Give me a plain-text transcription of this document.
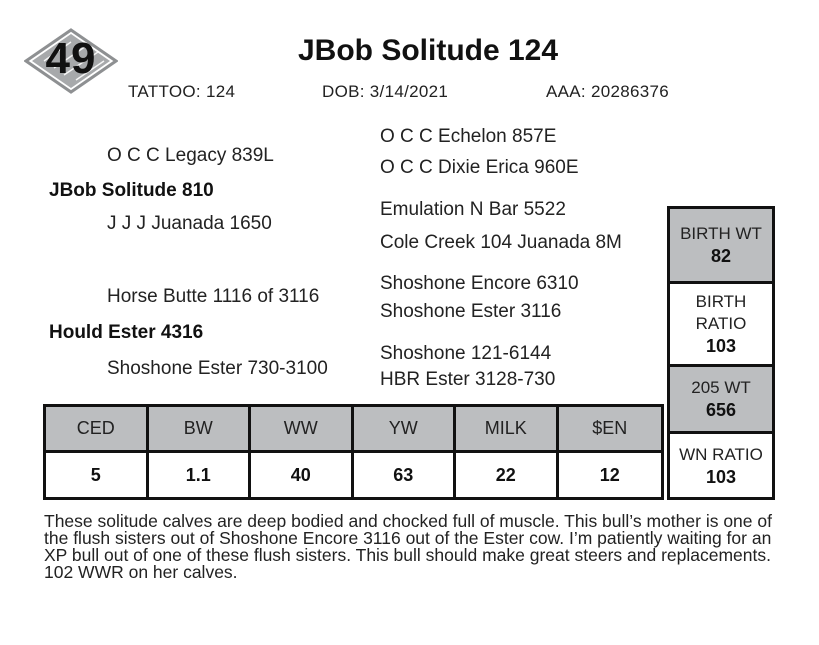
49	JBob Solitude 124
TATTOO: 124	DOB: 3/14/2021	AAA: 20286376
O C C Legacy 839L
JBob Solitude 810
J J J Juanada 1650
O C C Echelon 857E
O C C Dixie Erica 960E
Emulation N Bar 5522
Cole Creek 104 Juanada 8M
Horse Butte 1116 of 3116
Hould Ester 4316
Shoshone Ester 730-3100
Shoshone Encore 6310
Shoshone Ester 3116
Shoshone 121-6144
HBR Ester 3128-730
CED	BW	WW	YW	MILK	$EN
5	1.1	40	63	22	12
BIRTH WT
82
BIRTH
RATIO
103
205 WT
656
WN RATIO
103
These solitude calves are deep bodied and chocked full of muscle. This bull’s mother is one of the flush sisters out of Shoshone Encore 3116 out of the Ester cow. I’m patiently waiting for an XP bull out of one of these flush sisters. This bull should make great steers and replacements. 102 WWR on her calves.
